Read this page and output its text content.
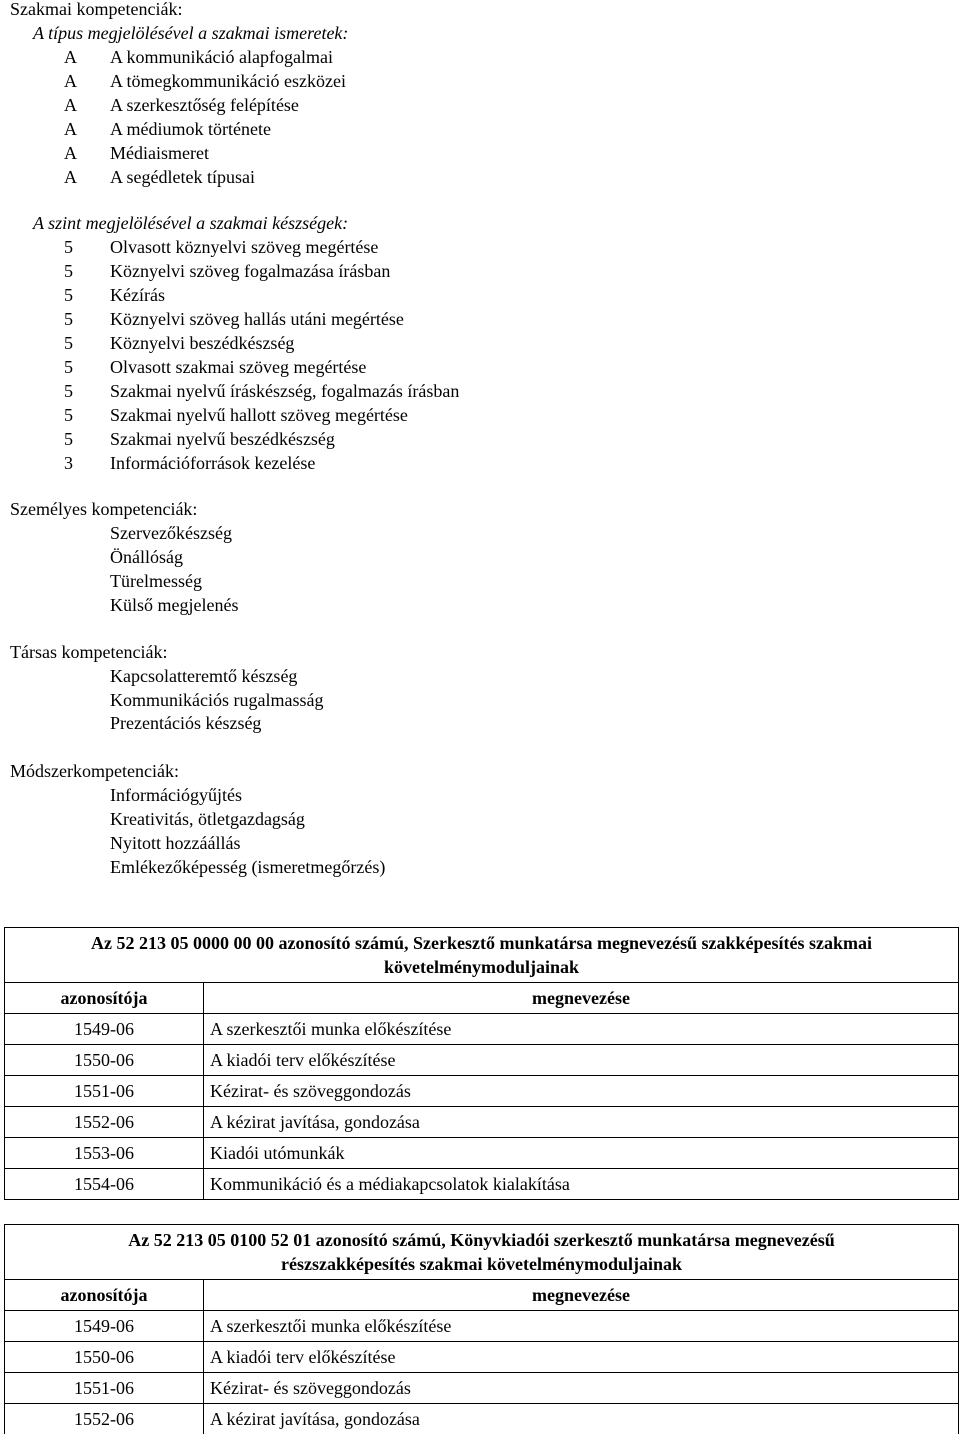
Szakmai kompetenciák:
A típus megjelölésével a szakmai ismeretek:
A A kommunikáció alapfogalmai
A A tömegkommunikáció eszközei
A A szerkesztőség felépítése
A A médiumok története
A Médiaismeret
A A segédletek típusai
A szint megjelölésével a szakmai készségek:
5 Olvasott köznyelvi szöveg megértése
5 Köznyelvi szöveg fogalmazása írásban
5 Kézírás
5 Köznyelvi szöveg hallás utáni megértése
5 Köznyelvi beszédkészség
5 Olvasott szakmai szöveg megértése
5 Szakmai nyelvű íráskészség, fogalmazás írásban
5 Szakmai nyelvű hallott szöveg megértése
5 Szakmai nyelvű beszédkészség
3 Információforrások kezelése
Személyes kompetenciák:
Szervezőkészség
Önállóság
Türelmesség
Külső megjelenés
Társas kompetenciák:
Kapcsolatteremtő készség
Kommunikációs rugalmasság
Prezentációs készség
Módszerkompetenciák:
Információgyűjtés
Kreativitás, ötletgazdagság
Nyitott hozzáállás
Emlékezőképesség (ismeretmegőrzés)
Az 52 213 05 0000 00 00 azonosító számú, Szerkesztő munkatársa megnevezésű szakképesítés szakmai
követelménymoduljainak	

azonosítója	megnevezése
1549-06	A szerkesztői munka előkészítése
1550-06	A kiadói terv előkészítése
1551-06	Kézirat- és szöveggondozás
1552-06	A kézirat javítása, gondozása
1553-06	Kiadói utómunkák
1554-06	Kommunikáció és a médiakapcsolatok kialakítása
Az 52 213 05 0100 52 01 azonosító számú, Könyvkiadói szerkesztő munkatársa megnevezésű
részszakképesítés szakmai követelménymoduljainak	

azonosítója	megnevezése
1549-06	A szerkesztői munka előkészítése
1550-06	A kiadói terv előkészítése
1551-06	Kézirat- és szöveggondozás
1552-06	A kézirat javítása, gondozása
